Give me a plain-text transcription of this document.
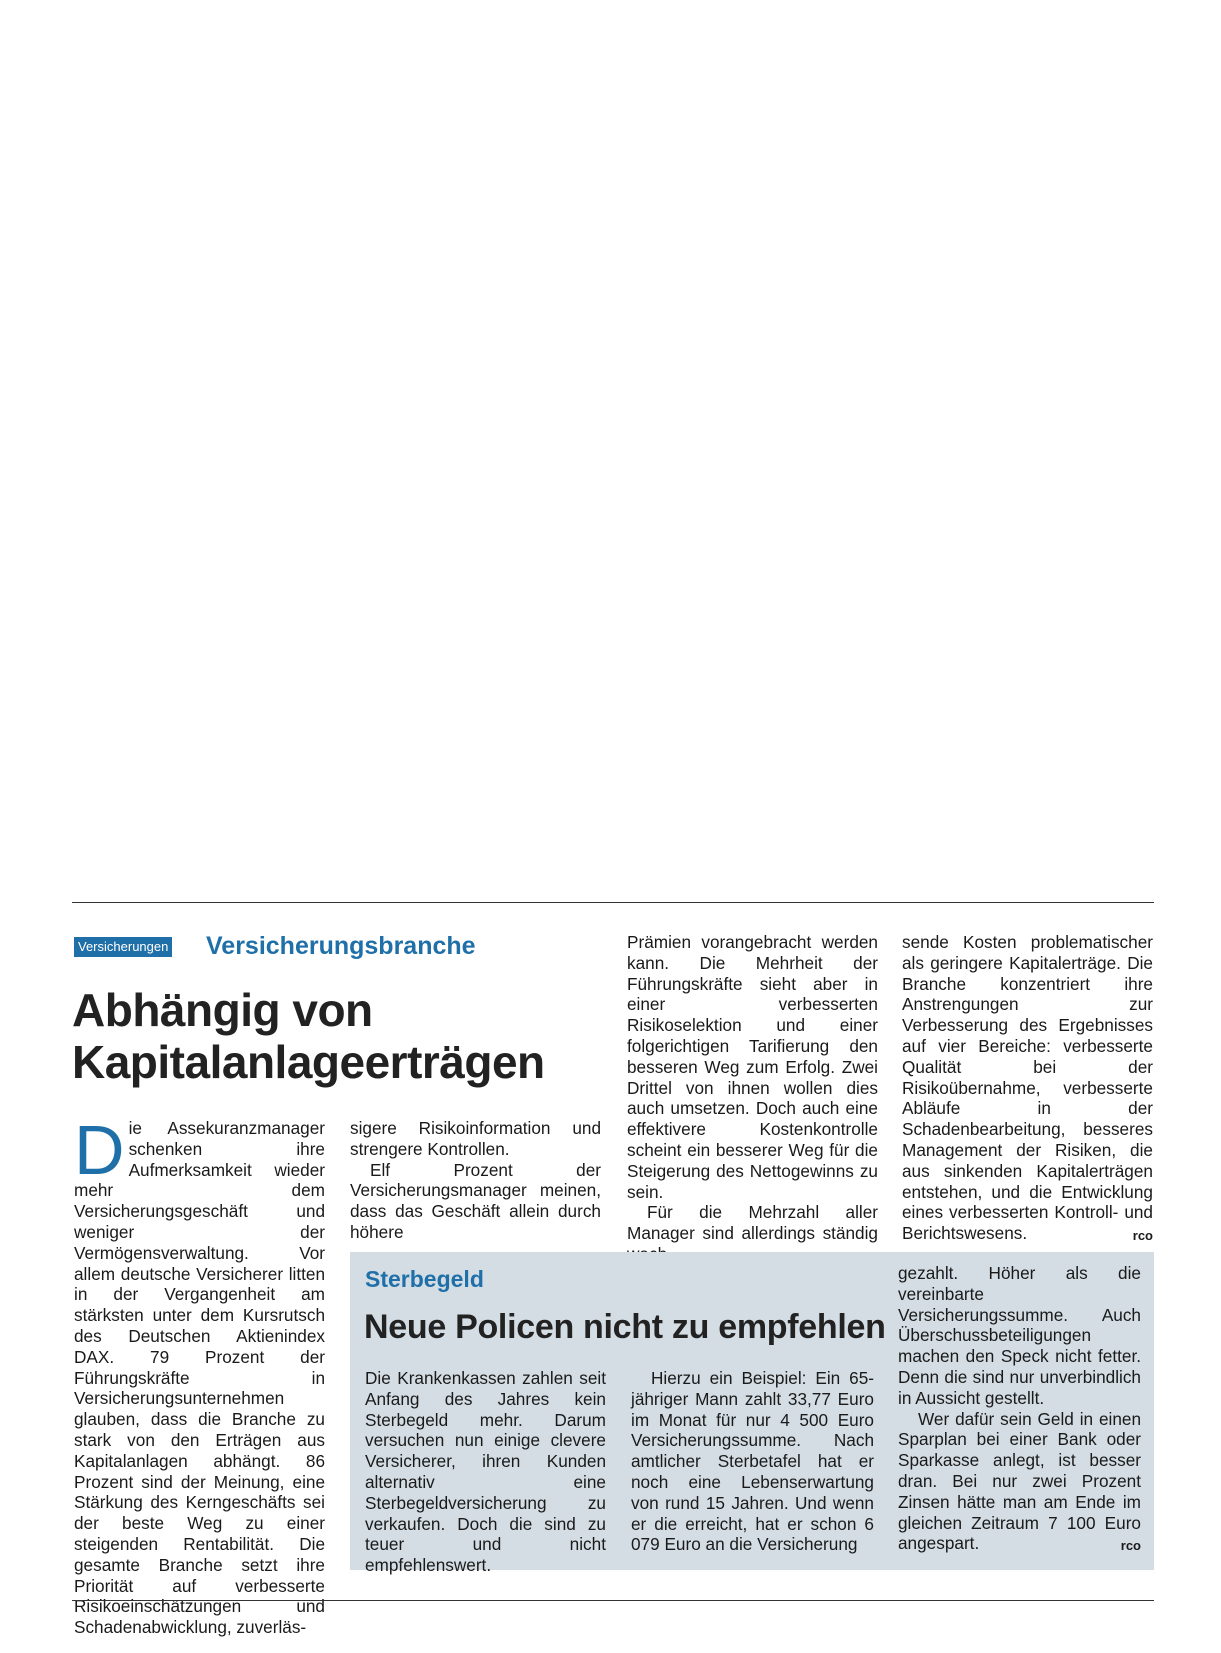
Versicherungen Versicherungsbranche
Abhängig von
Kapitalanlageerträgen

Die Assekuranzmanager schenken ihre Aufmerksamkeit wieder mehr dem Versicherungsgeschäft und weniger der Vermögensverwaltung. Vor allem deutsche Versicherer litten in der Vergangenheit am stärksten unter dem Kursrutsch des Deutschen Aktienindex DAX. 79 Prozent der Führungskräfte in Versicherungsunternehmen glauben, dass die Branche zu stark von den Erträgen aus Kapitalanlagen abhängt. 86 Prozent sind der Meinung, eine Stärkung des Kerngeschäfts sei der beste Weg zu einer steigenden Rentabilität. Die gesamte Branche setzt ihre Priorität auf verbesserte Risikoeinschätzungen und Schadenabwicklung, zuverläs-

sigere Risikoinformation und strengere Kontrollen.

Elf Prozent der Versicherungsmanager meinen, dass das Geschäft allein durch höhere

Prämien vorangebracht werden kann. Die Mehrheit der Führungskräfte sieht aber in einer verbesserten Risikoselektion und einer folgerichtigen Tarifierung den besseren Weg zum Erfolg. Zwei Drittel von ihnen wollen dies auch umsetzen. Doch auch eine effektivere Kostenkontrolle scheint ein besserer Weg für die Steigerung des Nettogewinns zu sein.

Für die Mehrzahl aller Manager sind allerdings ständig

sende Kosten problematischer als geringere Kapitalerträge. Die Branche konzentriert ihre Anstrengungen zur Verbesserung des Ergebnisses auf vier Bereiche: verbesserte Qualität bei der Risikoübernahme, verbesserte Abläufe in der Schadenbearbeitung, besseres Management der Risiken, die aus sinkenden Kapitalerträgen entstehen, und die Entwicklung eines verbesserten Kontroll- und Berichtswesens.	rco

Sterbegeld
Neue Policen nicht zu empfehlen

Die Krankenkassen zahlen seit Anfang des Jahres kein Sterbegeld mehr. Darum versuchen nun einige clevere Versicherer, ihren Kunden alternativ eine Sterbegeldversicherung zu verkaufen. Doch die sind zu teuer und nicht empfehlenswert.

Hierzu ein Beispiel: Ein 65-jähriger Mann zahlt 33,77 Euro im Monat für nur 4 500 Euro Versicherungssumme. Nach amtlicher Sterbetafel hat er noch eine Lebenserwartung von rund 15 Jahren. Und wenn er die erreicht, hat er schon 6 079 Euro an die Versicherung

gezahlt. Höher als die vereinbarte Versicherungssumme. Auch Überschussbeteiligungen machen den Speck nicht fetter. Denn die sind nur unverbindlich in Aussicht gestellt.

Wer dafür sein Geld in einen Sparplan bei einer Bank oder Sparkasse anlegt, ist besser dran. Bei nur zwei Prozent Zinsen hätte man am Ende im gleichen Zeitraum 7 100 Euro angespart.	rco
